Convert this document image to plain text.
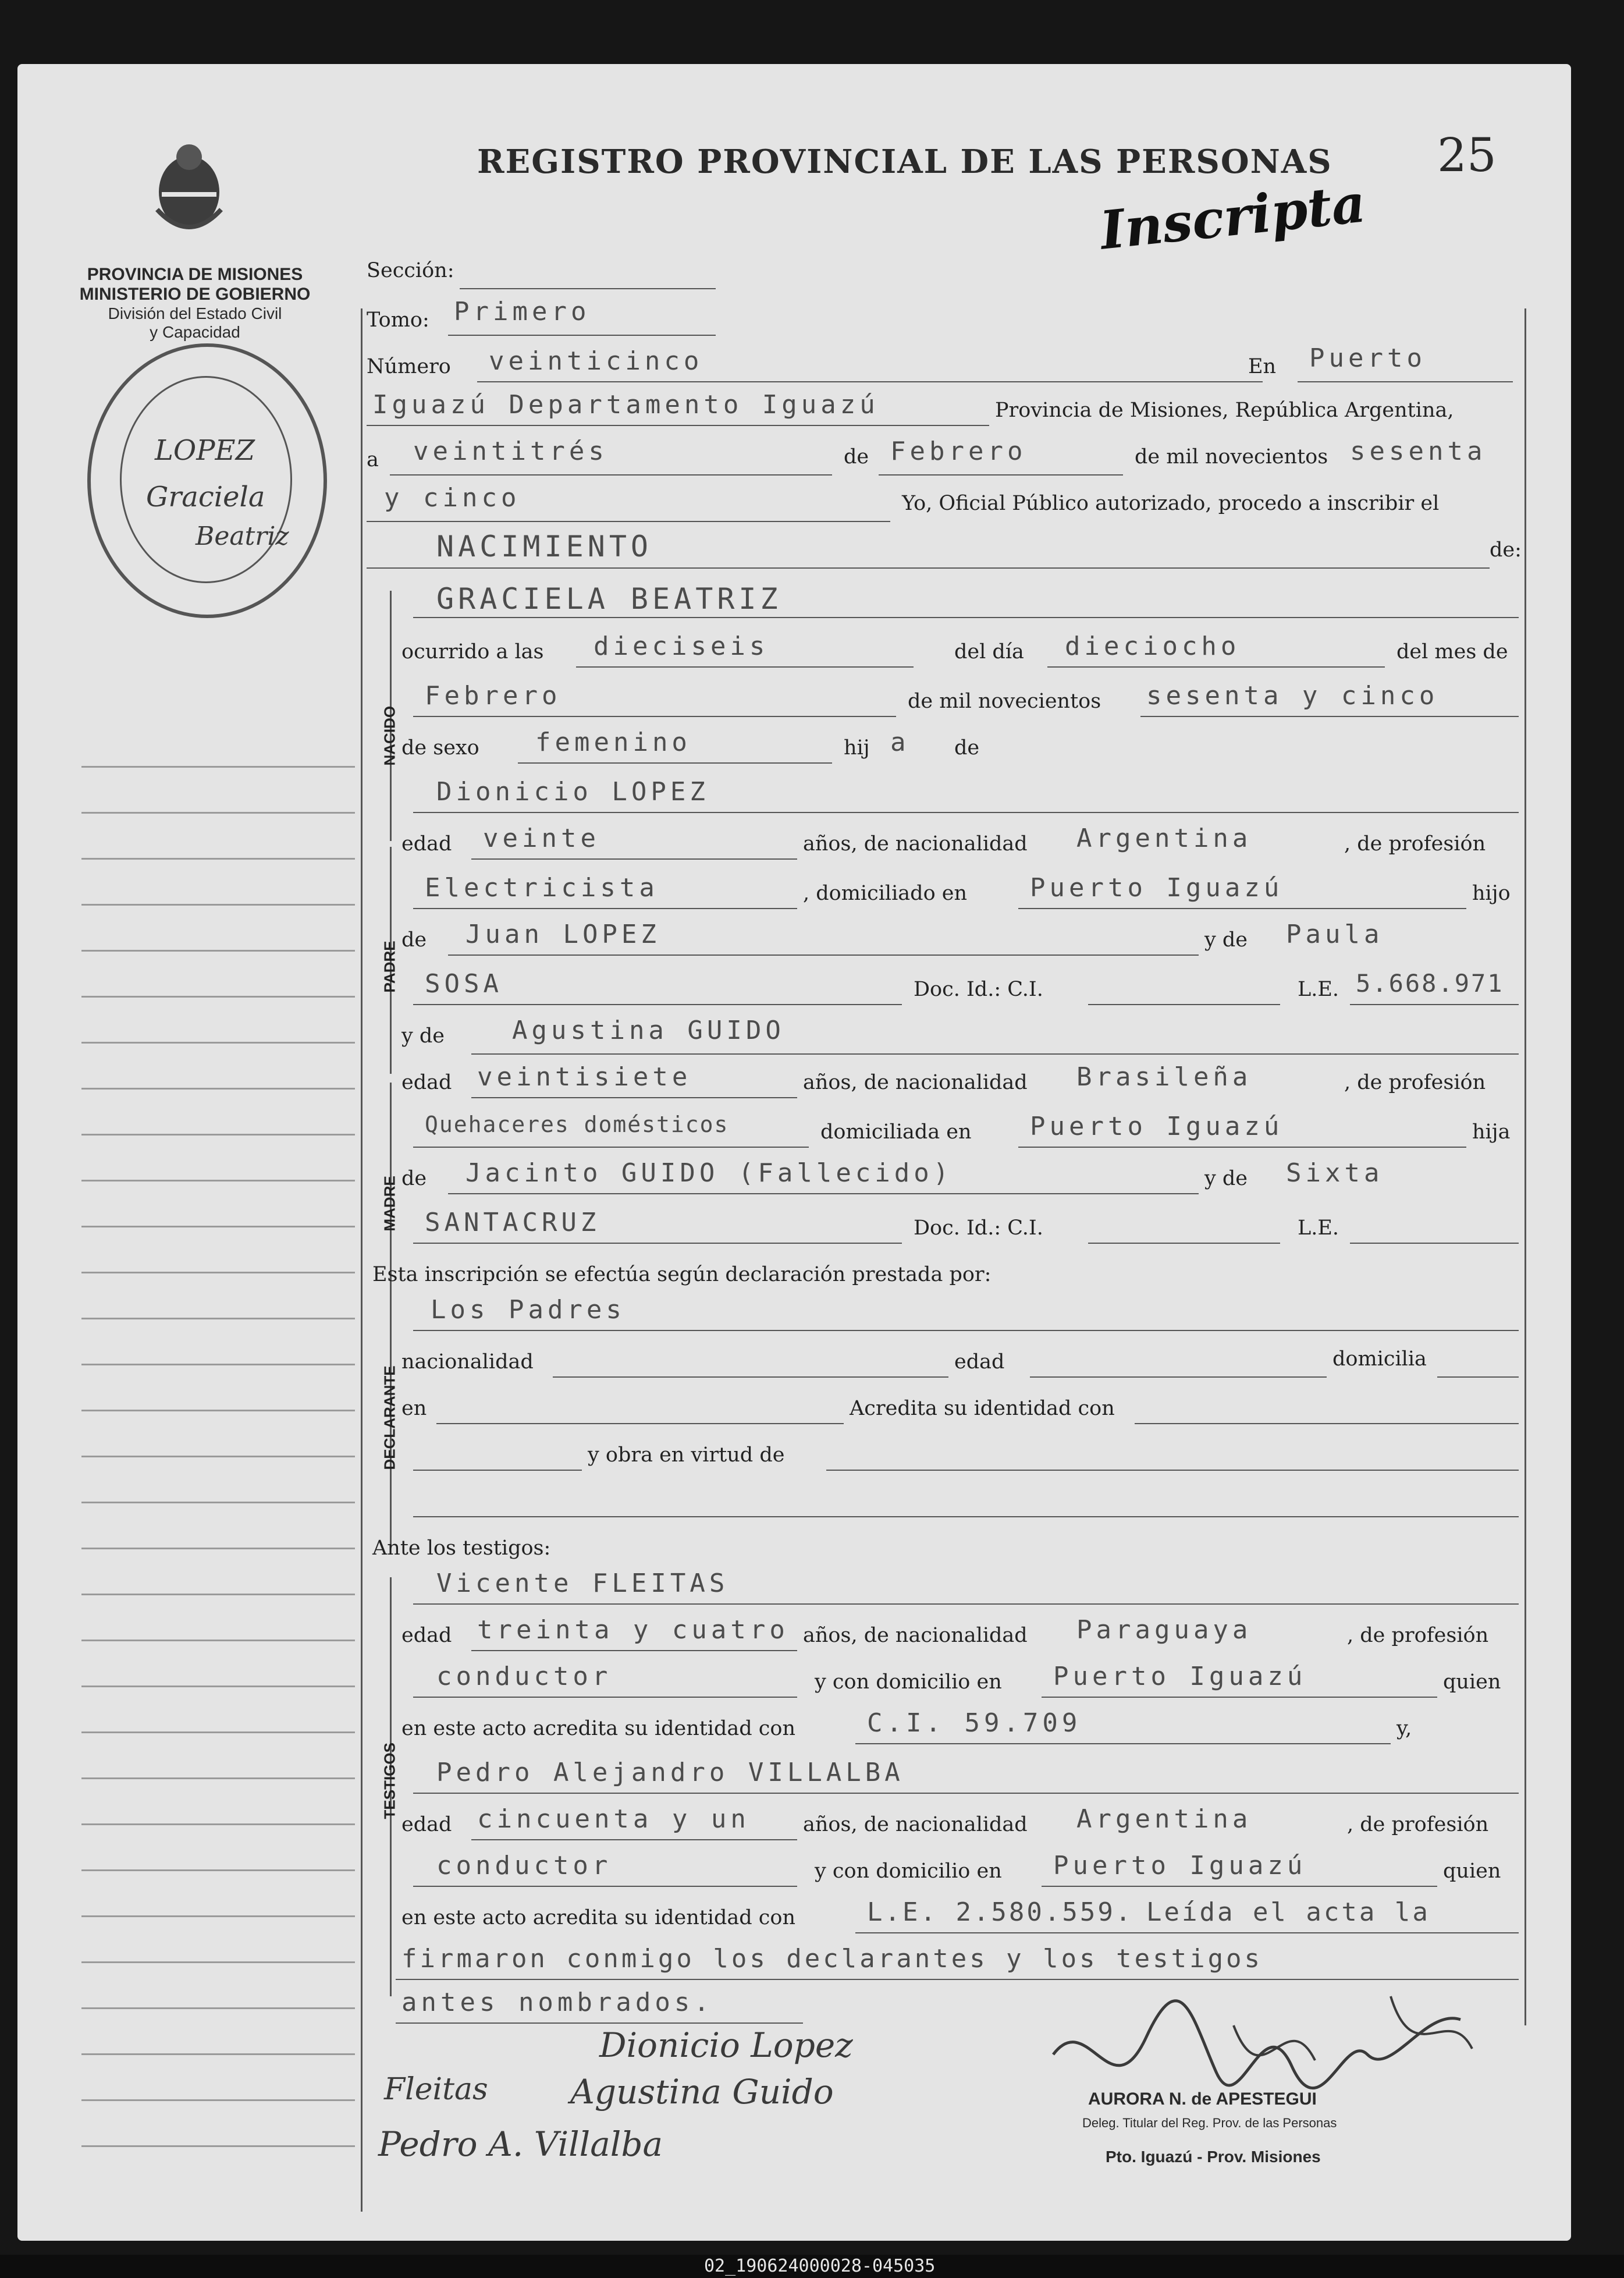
PROVINCIA DE MISIONES
MINISTERIO DE GOBIERNO
División del Estado Civil
y Capacidad
LOPEZ
Graciela
Beatriz
REGISTRO PROVINCIAL DE LAS PERSONAS 25
Inscripta
Sección:
Tomo: Primero
Número veinticinco	En Puerto
Iguazú Departamento Iguazú	Provincia de Misiones, República Argentina,
a veintitrés	de Febrero	de mil novecientos sesenta
y cinco	Yo, Oficial Público autorizado, procedo a inscribir el
NACIMIENTO	de:
NACIDO
GRACIELA BEATRIZ
ocurrido a las dieciseis	del día dieciocho	del mes de
Febrero	de mil novecientos sesenta y cinco
de sexo femenino	hij a de
PADRE
Dionicio LOPEZ
edad veinte	años, de nacionalidad Argentina	, de profesión
Electricista	, domiciliado en Puerto Iguazú	hijo
de Juan LOPEZ	y de Paula
SOSA	Doc. Id.: C.I.	L.E. 5.668.971
MADRE
y de	Agustina GUIDO
edad veintisiete	años, de nacionalidad Brasileña	, de profesión
Quehaceres domésticos	domiciliada en Puerto Iguazú	hija
de Jacinto GUIDO (Fallecido)	y de Sixta
SANTACRUZ	Doc. Id.: C.I.	L.E.
Esta inscripción se efectúa según declaración prestada por:
DECLARANTE
Los Padres
nacionalidad	edad	domicilia
en	Acredita su identidad con
y obra en virtud de
Ante los testigos:
TESTIGOS
Vicente FLEITAS
edad treinta y cuatro años, de nacionalidad Paraguaya	, de profesión
conductor	y con domicilio en Puerto Iguazú	quien
en este acto acredita su identidad con	C.I. 59.709	y,
Pedro Alejandro VILLALBA
edad cincuenta y un	años, de nacionalidad Argentina	, de profesión
conductor	y con domicilio en Puerto Iguazú	quien
en este acto acredita su identidad con	L.E. 2.580.559. Leída el acta la
firmaron conmigo los declarantes y los testigos
antes nombrados.
Dionicio Lopez
Fleitas Agustina Guido
Pedro A. Villalba
AURORA N. de APESTEGUI
Deleg. Titular del Reg. Prov. de las Personas
Pto. Iguazú - Prov. Misiones
02_190624000028-045035
